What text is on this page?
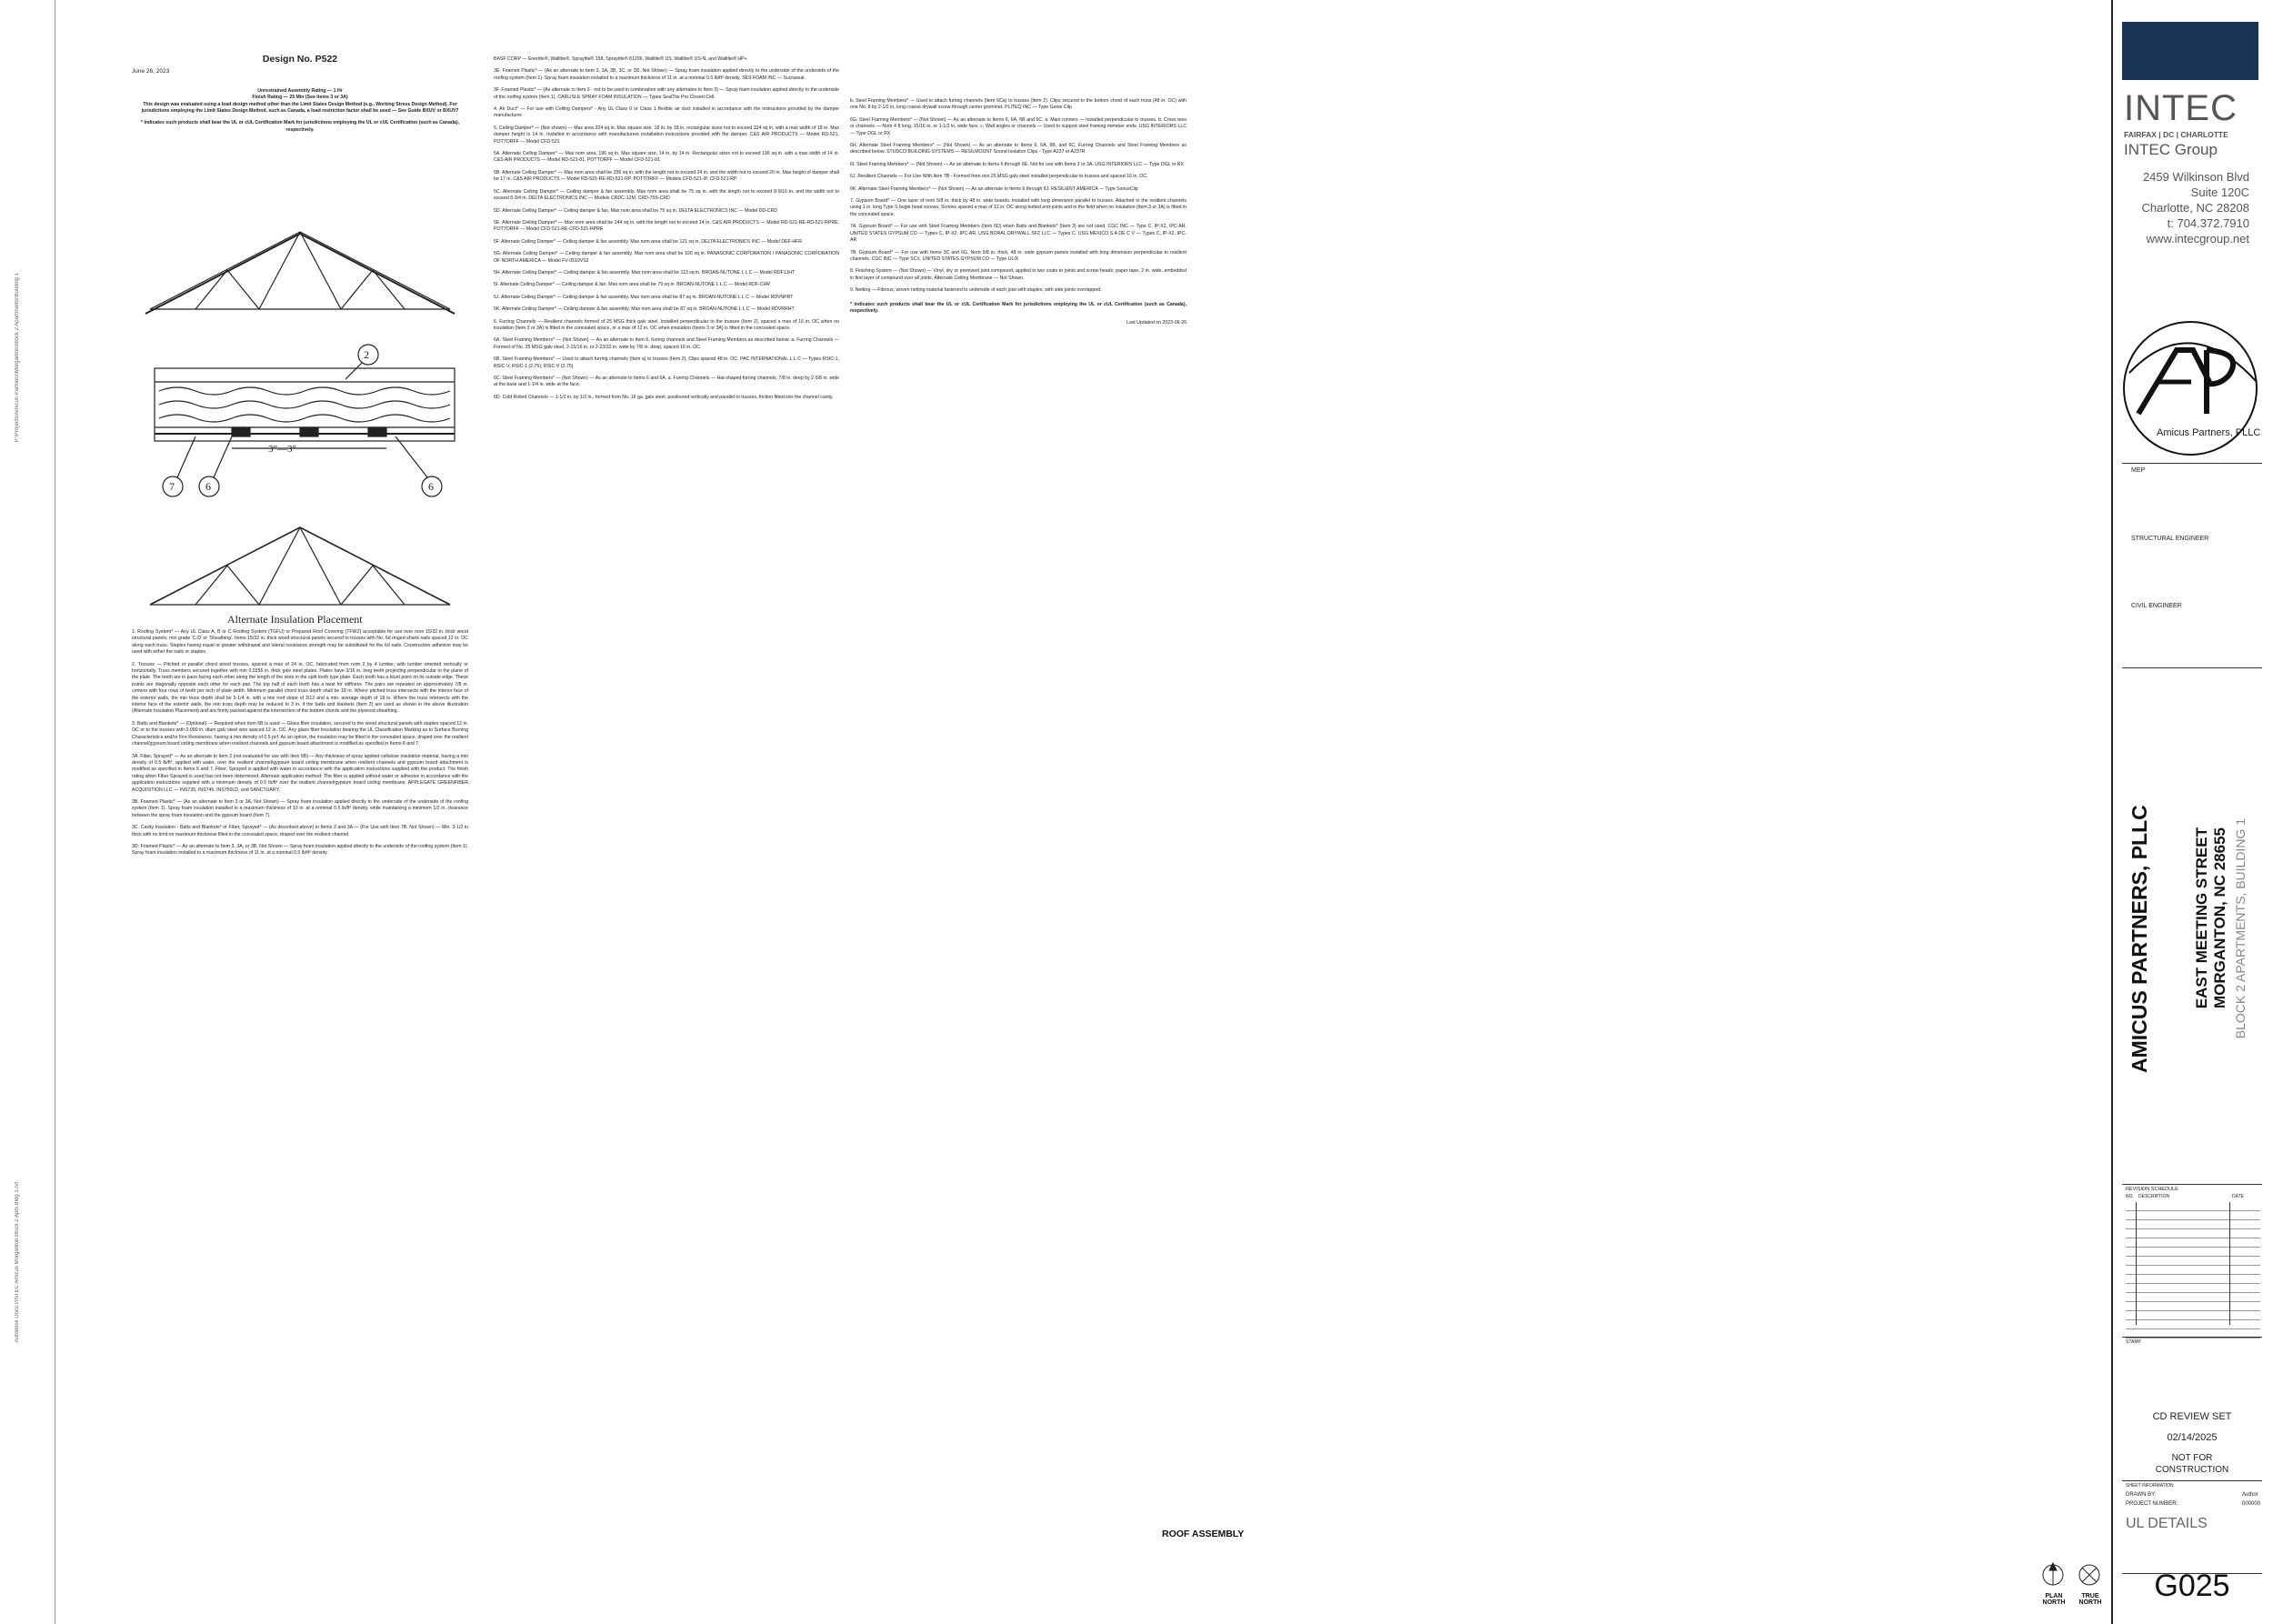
P:\Projects\Amicus Partners\Morganton\Block 2 Apartments\Building 1
Autodesk Docs://INTEC Amicus Morganton Block 2 Apts Bldg 1.rvt
Design No. P522
June 26, 2023
Unrestrained Assembly Rating — 1 Hr
Finish Rating — 25 Min (See Items 3 or 3A)
This design was evaluated using a load design method other than the Limit States Design Method (e.g., Working Stress Design Method). For jurisdictions employing the Limit States Design Method, such as Canada, a load restriction factor shall be used — See Guide BXUV or BXUV7
* Indicates such products shall bear the UL or cUL Certification Mark for jurisdictions employing the UL or cUL Certification (such as Canada), respectively.
2
7	6	6
3"—3"
Alternate Insulation Placement

1. Roofing System* — Any UL Class A, B or C Roofing System (TGFU) or Prepared Roof Covering (TFWZ) acceptable for use over nom 15/32 in. thick wood structural panels; min grade 'C-D' or 'Sheathing'. Items 15/32 in. thick wood structural panels secured to trusses with No. 6d ringed shank nails spaced 12 in. OC along each truss. Staples having equal or greater withdrawal and lateral resistance strength may be substituted for the 6d nails. Construction adhesive may be used with either the nails or staples.

2. Trusses — Pitched or parallel chord wood trusses, spaced a max of 24 in. OC, fabricated from nom 2 by 4 lumber, with lumber oriented vertically or horizontally. Truss members secured together with min 0.0356 in. thick galv steel plates. Plates have 3/16 in. long teeth projecting perpendicular to the plane of the plate. The teeth are in pairs facing each other along the length of the slots in the split tooth type plate. Each tooth has a blunt point on its outside edge. These points are diagonally opposite each other for each pair. The top half of each tooth has a twist for stiffness. The pairs are repeated on approximately 7/8 in. centers with four rows of teeth per inch of plate width. Minimum parallel chord truss depth shall be 18 in. Where pitched truss intersects with the interior face of the exterior walls, the min truss depth shall be 5-1/4 in. with a min roof slope of 3/12 and a min. average depth of 18 in. Where the truss intersects with the interior face of the exterior walls, the min truss depth may be reduced to 3 in. if the batts and blankets (Item 3) are used as shown in the above illustration (Alternate Insulation Placement) and are firmly packed against the intersection of the bottom chords and the plywood sheathing.

3. Batts and Blankets* — (Optional) — Required when item 6B is used — Glass fiber insulation, secured to the wood structural panels with staples spaced 12 in. OC or to the trusses with 0.090 in. diam galv steel wire spaced 12 in. OC. Any glass fiber insulation bearing the UL Classification Marking as to Surface Burning Characteristics and/or Fire Resistance, having a min density of 0.5 pcf. As an option, the insulation may be fitted in the concealed space, draped over the resilient channel/gypsum board ceiling membrane when resilient channels and gypsum board attachment is modified as specified in Items 6 and 7.

3A. Fiber, Sprayed* — As an alternate to Item 3 (not evaluated for use with Item 6B) — Any thickness of spray applied cellulose insulation material, having a min density of 0.5 lb/ft³, applied with water, over the resilient channel/gypsum board ceiling membrane when resilient channels and gypsum board attachment is modified as specified in Items 6 and 7. Fiber, Sprayed is applied with water in accordance with the application instructions supplied with the product. The finish rating when Fiber Sprayed is used has not been determined. Alternate application method: The fiber is applied without water or adhesive in accordance with the application instructions supplied with a minimum density of 0.5 lb/ft³ over the resilient channel/gypsum board ceiling membrane. APPLEGATE GREENFIBER ACQUISITION LLC — INS735, INS745, INS750LD, and SANCTUARY.

3B. Foamed Plastic* — (As an alternate to Item 3 or 3A, Not Shown) — Spray foam insulation applied directly to the underside of the underside of the roofing system (Item 1). Spray foam insulation installed to a maximum thickness of 10 in. at a nominal 0.5 lb/ft³ density, while maintaining a minimum 1/2 in. clearance between the spray foam insulation and the gypsum board (Item 7).

3C. Cavity Insulation - Batts and Blankets* or Fiber, Sprayed* — (As described above) in Items 3 and 3A — (For Use with Item 7B, Not Shown) — Min. 3-1/2 in thick with no limit on maximum thickness filled in the concealed space, draped over the resilient channel.

3D. Foamed Plastic* — As an alternate to Item 3, 3A, or 3B, Not Shown — Spray foam insulation applied directly to the underside of the roofing system (Item 1). Spray foam insulation installed to a maximum thickness of 11 in. at a nominal 0.5 lb/ft³ density.

BASF CORP — Enertite®, Walltite®, Spraytite® 158, Spraytite® 81206, Walltite® US, Walltite® US-N, and Walltite® HP+

3E. Foamed Plastic* — (As an alternate to Item 3, 3A, 3B, 3C, or 3D, Not Shown) — Spray foam insulation applied directly to the underside of the underside of the roofing system (Item 1). Spray foam insulation installed to a maximum thickness of 11 in. at a nominal 0.5 lb/ft³ density. SES FOAM INC — Sucraseal.

3F. Foamed Plastic* — (As alternate to Item 3 - not to be used in combination with any alternates to Item 3) — Spray foam insulation applied directly to the underside of the roofing system (Item 1). CARLISLE SPRAY FOAM INSULATION — Types SealTite Pro Closed Cell.

4. Air Duct* — For use with Ceiling Dampers* - Any UL Class 0 or Class 1 flexible air duct installed in accordance with the instructions provided by the damper manufacturer.

5. Ceiling Damper* — (Not shown) — Max area 324 sq in. Max square size, 18 in. by 18 in. rectangular sizes not to exceed 324 sq in. with a max width of 18 in. Max damper height is 14 in. Installed in accordance with manufacturers installation instructions provided with the damper. C&S AIR PRODUCTS — Model RD-521. POTTORFF — Model CFD-521

5A. Alternate Ceiling Damper* — Max nom area, 196 sq in. Max square size, 14 in. by 14 in. Rectangular sizes not to exceed 196 sq in. with a max width of 14 in. C&S AIR PRODUCTS — Model RD-521-81. POTTORFF — Model CFD-521-81

5B. Alternate Ceiling Damper* — Max nom area shall be 256 sq in. with the length not to exceed 24 in. and the width not to exceed 20 in. Max height of damper shall be 17 in. C&S AIR PRODUCTS — Model RD-521-RE-RD-521-RP. POTTORFF — Models CFD-521-IP, CFD-521-RP

5C. Alternate Ceiling Damper* — Ceiling damper & fan assembly. Max nom area shall be 75 sq in. with the length not to exceed 8-9/16 in. and the width not to exceed 8-3/4 in. DELTA ELECTRONICS INC — Models CRDC-12M, CRD-75S-CRD

5D. Alternate Ceiling Damper* — Ceiling damper & fan. Max nom area shall be 75 sq in. DELTA ELECTRONICS INC — Model DD-CRD

5E. Alternate Ceiling Damper* — Max nom area shall be 144 sq in. with the length not to exceed 14 in. C&S AIR PRODUCTS — Model RD-521-RE-RD-521-RPRE. POTTORFF — Model CFD-521-RE-CFD-521-RPRE

5F. Alternate Ceiling Damper* — Ceiling damper & fan assembly. Max nom area shall be 121 sq in. DELTA ELECTRONICS INC — Model DEF-HFR

5G. Alternate Ceiling Damper* — Ceiling damper & fan assembly. Max nom area shall be 100 sq in. PANASONIC CORPORATION / PANASONIC CORPORATION OF NORTH AMERICA — Model FV-0510VS2

5H. Alternate Ceiling Damper* — Ceiling damper & fan assembly. Max nom area shall be 113 sq in. BROAN-NUTONE L L C — Model RDF1JHT

5I. Alternate Ceiling Damper* — Ceiling damper & fan. Max nom area shall be 79 sq in. BROAN-NUTONE L L C — Model RDF-CHR

5J. Alternate Ceiling Damper* — Ceiling damper & fan assembly. Max nom area shall be 87 sq in. BROAN-NUTONE L L C — Model RDVNPRT

5K. Alternate Ceiling Damper* — Ceiling damper & fan assembly. Max nom area shall be 87 sq in. BROAN-NUTONE L L C — Model RDVRRHT

6. Furring Channels — Resilient channels formed of 25 MSG thick galv steel. Installed perpendicular to the trusses (Item 2), spaced a max of 16 in. OC when no insulation (Item 3 or 3A) is fitted in the concealed space, or a max of 12 in. OC when insulation (Items 3 or 3A) is fitted in the concealed space.

6A. Steel Framing Members* — (Not Shown) — As an alternate to Item 6, furring channels and Steel Framing Members as described below. a. Furring Channels — Formed of No. 25 MSG galv steel, 2-15/16 in. or 2-23/32 in. wide by 7/8 in. deep, spaced 16 in. OC.

6B. Steel Framing Members* — Used to attach furring channels (Item a) to trusses (Item 2). Clips spaced 48 in. OC. PAC INTERNATIONAL L L C — Types RSIC-1, RSIC-V, RSIC-1 (2.75), RSIC-V (2.75)

6C. Steel Framing Members* — (Not Shown) — As an alternate to Items 6 and 6A. a. Furring Channels — Hat-shaped furring channels, 7/8 in. deep by 2-5/8 in. wide at the base and 1-1/4 in. wide at the face.

6D. Cold Rolled Channels — 1-1/2 in. by 1/2 in., formed from No. 16 ga. galv steel, positioned vertically and parallel to trusses, friction fitted into the channel cavity.

b. Steel Framing Members* — Used to attach furring channels (Item 6Ca) to trusses (Item 2). Clips secured to the bottom chord of each truss (48 in. OC) with one No. 8 by 2-1/2 in. long coarse drywall screw through center grommet. PLITEQ INC — Type Genie Clip

6G. Steel Framing Members* — (Not Shown) — As an alternate to Items 6, 6A, 6B and 6C. a. Main runners — Installed perpendicular to trusses. b. Cross tees or channels — Nom 4 ft long, 15/16 in. or 1-1/2 in. wide face. c. Wall angles or channels — Used to support steel framing member ends. USG INTERIORS LLC — Type DGL or RX

6H. Alternate Steel Framing Members* — (Not Shown) — As an alternate to Items 6, 6A, 6B, and 6C, Furring Channels and Steel Framing Members as described below. STUDCO BUILDING SYSTEMS — RESILMOUNT Sound Isolation Clips - Type A237 or A237R

6I. Steel Framing Members* — (Not Shown) — As an alternate to Items 6 through 6E. Not for use with Items 3 or 3A. USG INTERIORS LLC — Type DGL or RX

6J. Resilient Channels — For Use With Item 7B - Formed from min 25 MSG galv steel installed perpendicular to trusses and spaced 16 in. OC.

6K. Alternate Steel Framing Members* — (Not Shown) — As an alternate to Items 6 through 6J. RESILIENT AMERICA — Type SonusClip

7. Gypsum Board* — One layer of nom 5/8 in. thick by 48 in. wide boards, installed with long dimension parallel to trusses. Attached to the resilient channels using 1 in. long Type S bugle head screws. Screws spaced a max of 12 in. OC along butted end-joints and in the field when no insulation (Item 3 or 3A) is fitted in the concealed space.

7A. Gypsum Board* — For use with Steel Framing Members (Item 6D) when Batts and Blankets* (Item 3) are not used. CGC INC — Type C, IP-X2, IPC-AR. UNITED STATES GYPSUM CO — Types C, IP-X2, IPC-AR. USG BORAL DRYWALL SFZ LLC — Types C. USG MEXICO S A DE C V — Types C, IP-X2, IPC-AR

7B. Gypsum Board* — For use with Items 3C and 6G. Nom 5/8 in. thick, 48 in. wide gypsum panels installed with long dimension perpendicular to resilient channels. CGC INC — Type SCX. UNITED STATES GYPSUM CO — Type ULIX

8. Finishing System — (Not Shown) — Vinyl, dry or premixed joint compound, applied in two coats to joints and screw-heads; paper tape, 2 in. wide, embedded in first layer of compound over all joints. Alternate Ceiling Membrane — Not Shown.

9. Netting — Fibrous, woven netting material fastened to underside of each joist with staples, with side joints overlapped.

* Indicates such products shall bear the UL or cUL Certification Mark for jurisdictions employing the UL or cUL Certification (such as Canada), respectively.

Last Updated on 2023-06-26

ROOF ASSEMBLY
PLAN NORTH
TRUE NORTH
INTEC
FAIRFAX | DC | CHARLOTTE
INTEC Group
2459 Wilkinson Blvd
Suite 120C
Charlotte, NC 28208
t: 704.372.7910
www.intecgroup.net
Amicus Partners, PLLC
MEP
STRUCTURAL ENGINEER
CIVIL ENGINEER
AMICUS PARTNERS, PLLC	EAST MEETING STREET MORGANTON, NC 28655 BLOCK 2 APARTMENTS, BUILDING 1
REVISION SCHEDULE
NO. DESCRIPTION	DATE
STAMP
CD REVIEW SET
02/14/2025
NOT FOR
CONSTRUCTION
SHEET INFORMATION
DRAWN BY:	Author
PROJECT NUMBER:	000000
UL DETAILS
G025
